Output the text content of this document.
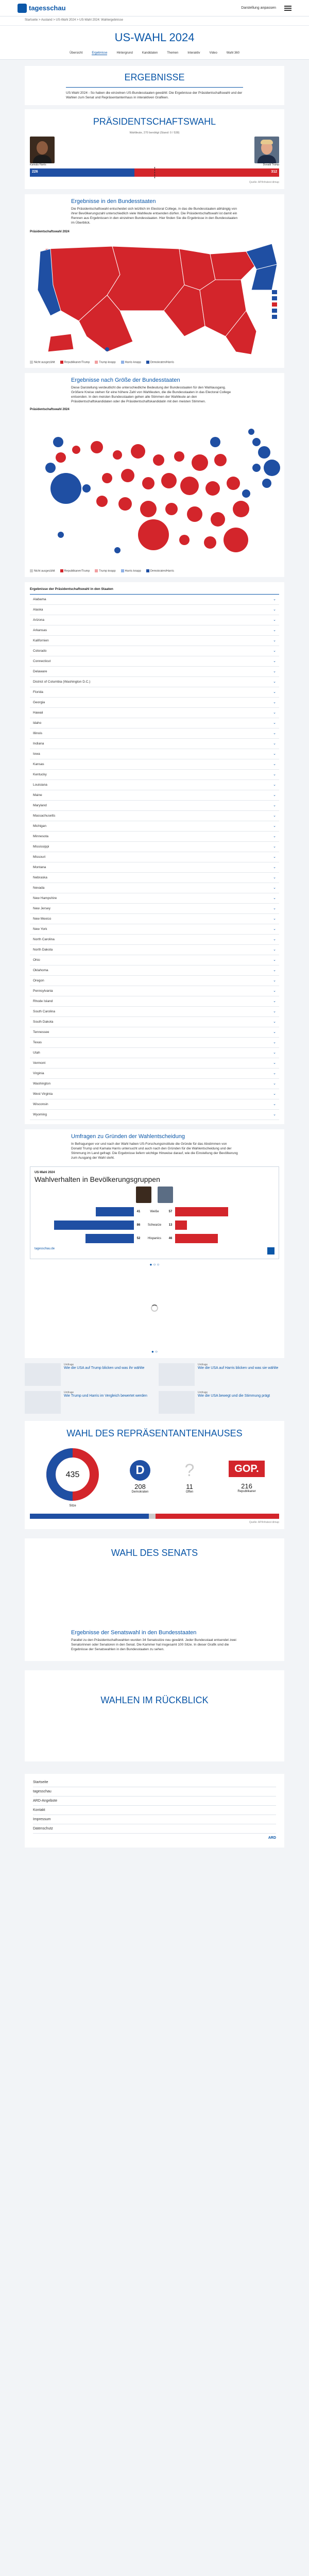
tagesschau	Darstellung anpassen
Startseite > Ausland > US-Wahl 2024 > US-Wahl 2024: Wahlergebnisse
US-WAHL 2024
Übersicht	Ergebnisse	Hintergrund	Kandidaten	Themen	Interaktiv	Video	Wahl 360
ERGEBNISSE

US-Wahl 2024 - So haben die einzelnen US-Bundesstaaten gewählt: Die Ergebnisse der Präsidentschaftswahl und der Wahlen zum Senat und Repräsentantenhaus in interaktiven Grafiken.

PRÄSIDENTSCHAFTSWAHL
Wahlleute, 270 benötigt (Stand: 0 / 538)
Kamala Harris	Donald Trump
226	312
Quelle: AP/Infratest dimap
Ergebnisse in den Bundesstaaten

Die Präsidentschaftswahl entscheidet sich letztlich im Electoral College, in das die Bundesstaaten abhängig von ihrer Bevölkerungszahl unterschiedlich viele Wahlleute entsenden dürfen. Die Präsidentschaftswahl ist damit ein Rennen aus Ergebnissen in den einzelnen Bundesstaaten. Hier finden Sie die Ergebnisse in den Bundesstaaten im Überblick.

Präsidentschaftswahl 2024
Nicht ausgezählt	Republikaner/Trump	Trump knapp	Harris knapp	Demokraten/Harris
Ergebnisse nach Größe der Bundesstaaten

Diese Darstellung verdeutlicht die unterschiedliche Bedeutung der Bundesstaaten für den Wahlausgang. Größere Kreise stehen für eine höhere Zahl von Wahlleuten, die die Bundesstaaten in das Electoral College entsenden. In den meisten Bundesstaaten gehen alle Stimmen der Wahlleute an den Präsidentschaftskandidaten oder die Präsidentschaftskandidatin mit den meisten Stimmen.

Präsidentschaftswahl 2024
Nicht ausgezählt	Republikaner/Trump	Trump knapp	Harris knapp	Demokraten/Harris
Ergebnisse der Präsidentschaftswahl in den Staaten
Alabama	⌄
Alaska	⌄
Arizona	⌄
Arkansas	⌄
Kalifornien	⌄
Colorado	⌄
Connecticut	⌄
Delaware	⌄
District of Columbia (Washington D.C.)	⌄
Florida	⌄
Georgia	⌄
Hawaii	⌄
Idaho	⌄
Illinois	⌄
Indiana	⌄
Iowa	⌄
Kansas	⌄
Kentucky	⌄
Louisiana	⌄
Maine	⌄
Maryland	⌄
Massachusetts	⌄
Michigan	⌄
Minnesota	⌄
Mississippi	⌄
Missouri	⌄
Montana	⌄
Nebraska	⌄
Nevada	⌄
New Hampshire	⌄
New Jersey	⌄
New Mexico	⌄
New York	⌄
North Carolina	⌄
North Dakota	⌄
Ohio	⌄
Oklahoma	⌄
Oregon	⌄
Pennsylvania	⌄
Rhode Island	⌄
South Carolina	⌄
South Dakota	⌄
Tennessee	⌄
Texas	⌄
Utah	⌄
Vermont	⌄
Virginia	⌄
Washington	⌄
West Virginia	⌄
Wisconsin	⌄
Wyoming	⌄
Umfragen zu Gründen der Wahlentscheidung

In Befragungen vor und nach der Wahl haben US-Forschungsinstitute die Gründe für das Abstimmen von Donald Trump und Kamala Harris untersucht und auch nach den Gründen für die Wahlentscheidung und der Stimmung im Land gefragt. Die Ergebnisse liefern wichtige Hinweise darauf, wie die Einstellung der Bevölkerung zum Ausgang der Wahl steht.

US-Wahl 2024
Wahlverhalten in Bevölkerungsgruppen
41	Weiße	57
86	Schwarze	13
52	Hispanics	46
tagesschau.de
● ○ ○
● ○
Umfrage
Wie die USA auf Trump blicken und was ihr wählte
Umfrage
Wie die USA auf Harris blicken und was sie wählte
Umfrage
Wie Trump und Harris im Vergleich bewertet werden
Umfrage
Wie die USA bewegt und die Stimmung prägt
WAHL DES REPRÄSENTANTENHAUSES
435
Sitze
D
208
Demokraten
?
11
Offen
GOP.
216
Republikaner
Quelle: AP/Infratest dimap
WAHL DES SENATS
Ergebnisse der Senatswahl in den Bundesstaaten

Parallel zu den Präsidentschaftswahlen wurden 34 Senatssitze neu gewählt. Jeder Bundesstaat entsendet zwei Senatorinnen oder Senatoren in den Senat. Die Kammer hat insgesamt 100 Sitze. In dieser Grafik sind die Ergebnisse der Senatswahlen in den Bundesstaaten zu sehen.

WAHLEN IM RÜCKBLICK
Startseite
tagesschau
ARD-Angebote
Kontakt
Impressum
Datenschutz
ARD
